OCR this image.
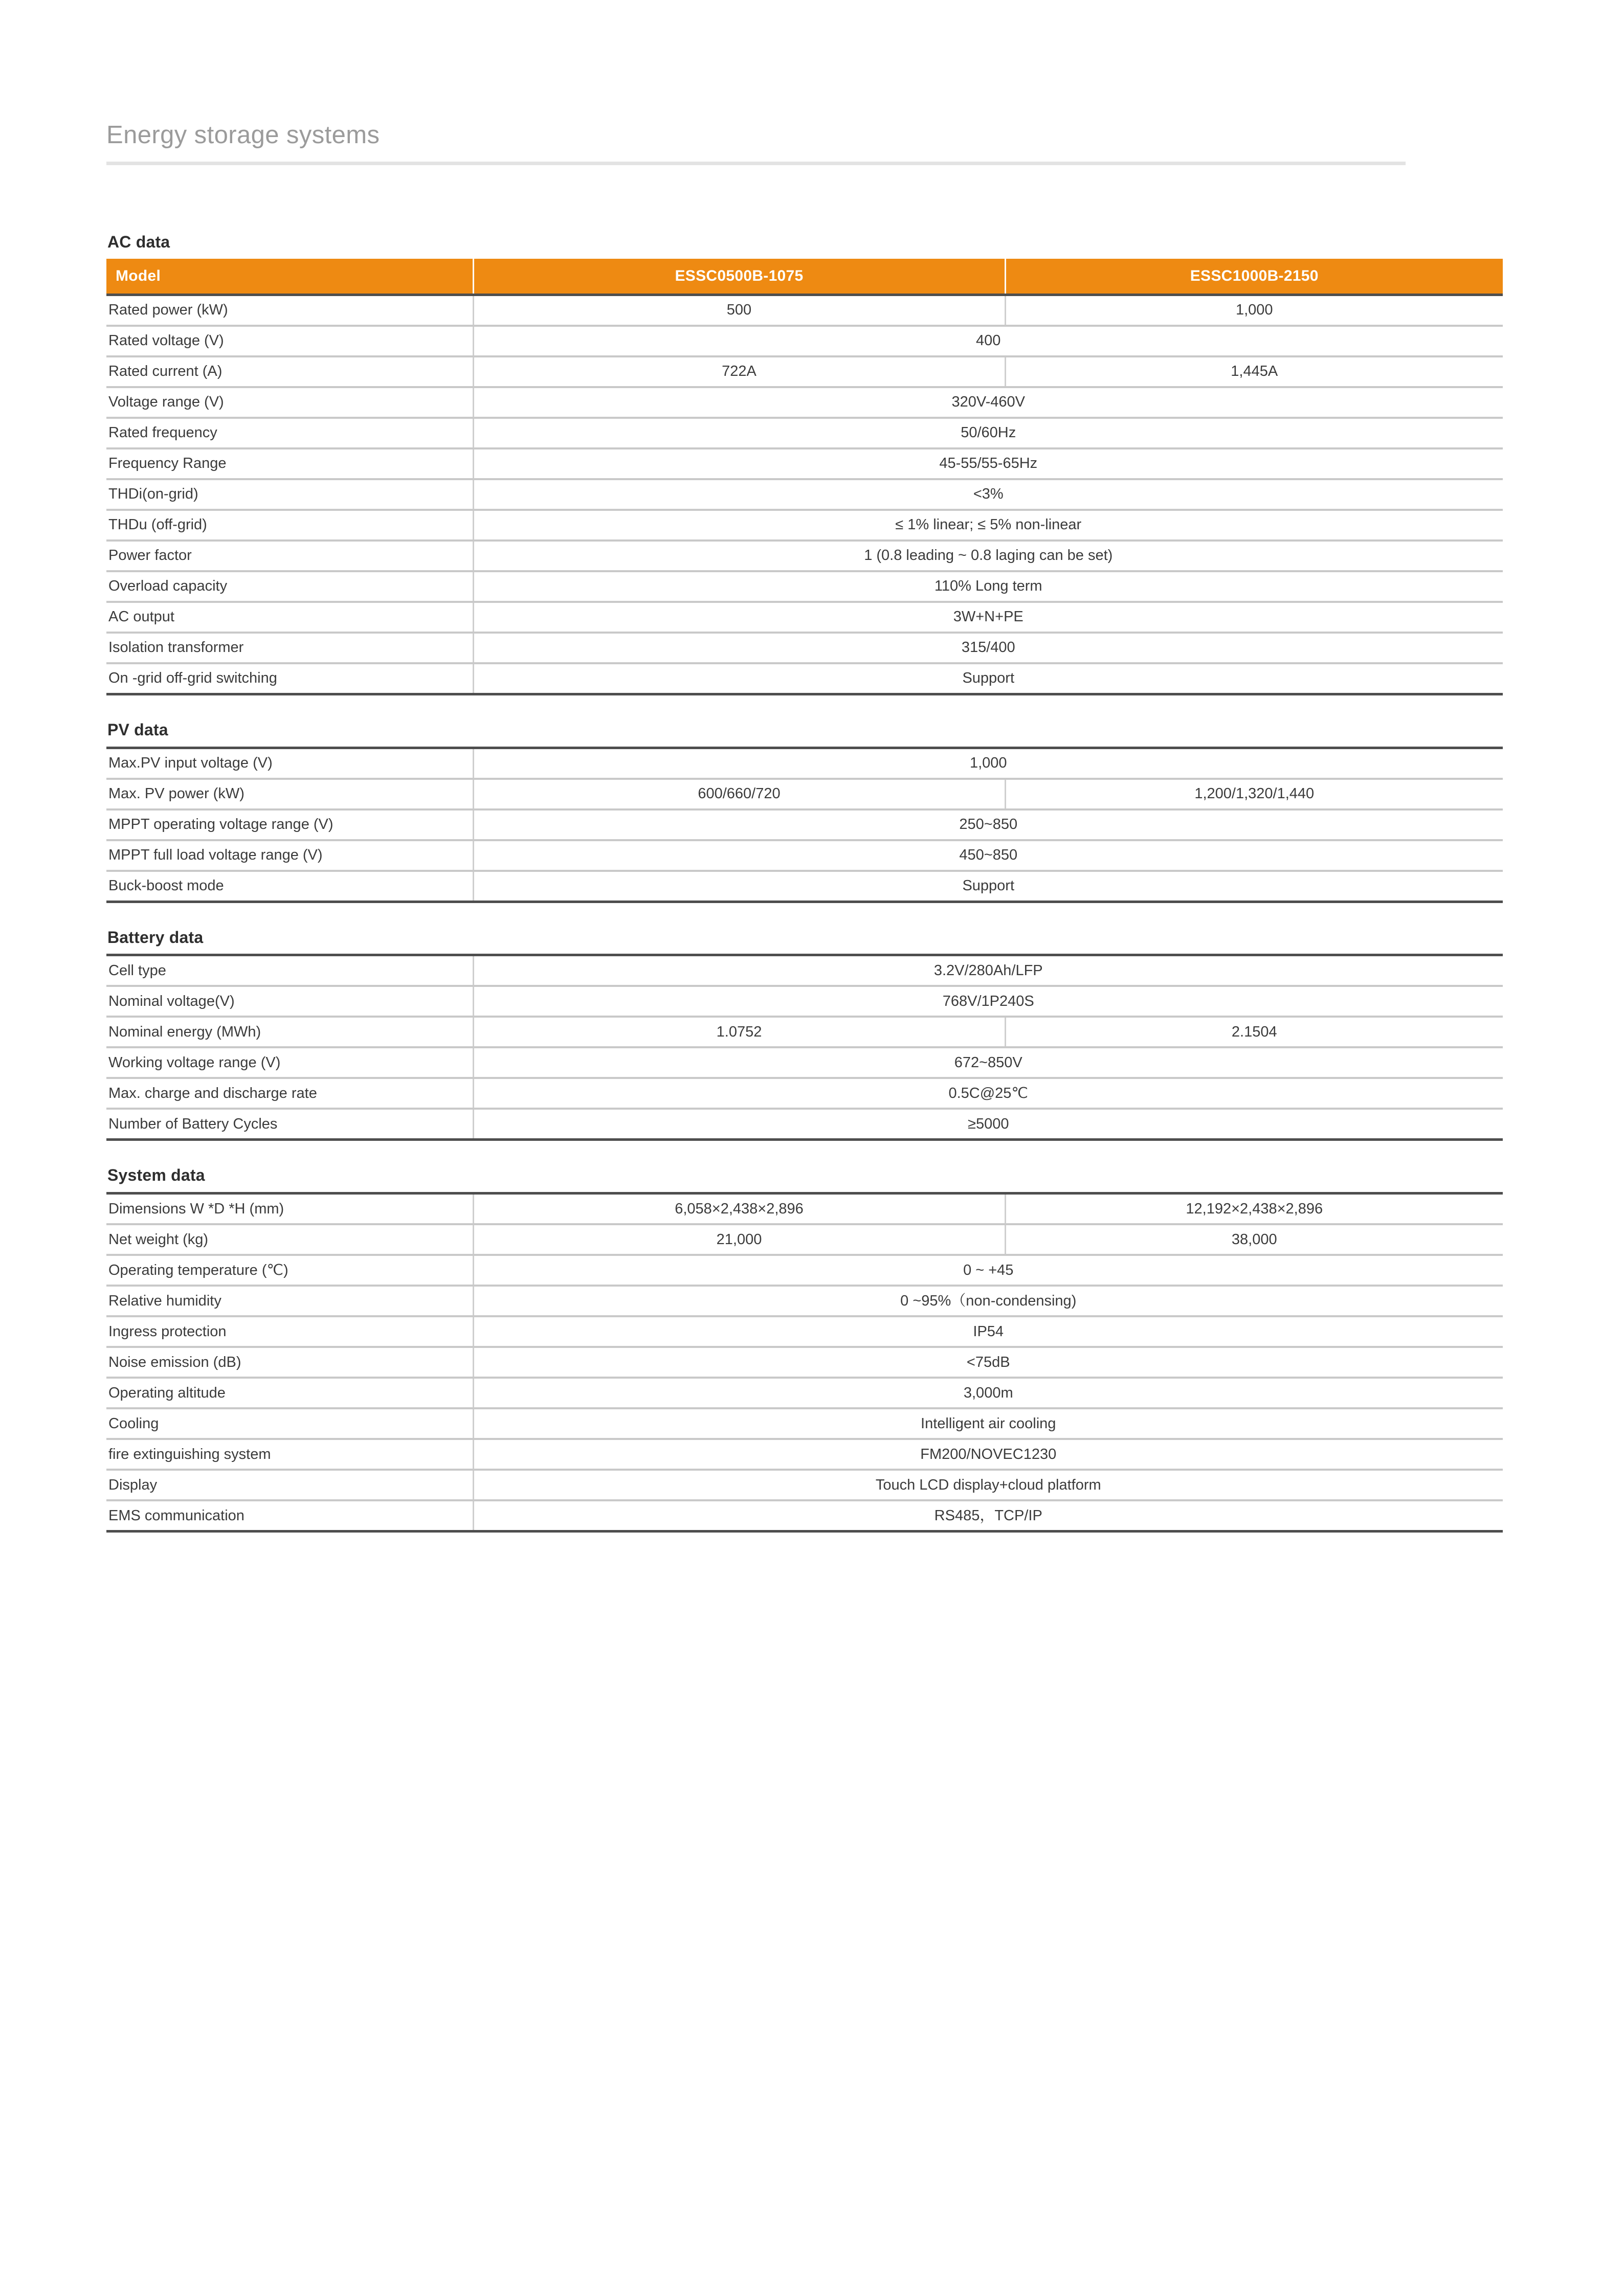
Energy storage systems
AC data
Model	ESSC0500B-1075	ESSC1000B-2150
Rated power (kW)	500	1,000
Rated voltage (V)	400	
Rated current (A)	722A	1,445A
Voltage range (V)	320V-460V	
Rated frequency	50/60Hz	
Frequency Range	45-55/55-65Hz	
THDi(on-grid)	<3%	
THDu (off-grid)	≤ 1% linear; ≤ 5% non-linear	
Power factor	1 (0.8 leading ~ 0.8 laging can be set)	
Overload capacity	110% Long term	
AC output	3W+N+PE	
Isolation transformer	315/400	
On -grid off-grid switching	Support	
PV data

Max.PV input voltage (V)	1,000	
Max. PV power (kW)	600/660/720	1,200/1,320/1,440
MPPT operating voltage range (V)	250~850	
MPPT full load voltage range (V)	450~850	
Buck-boost mode	Support	
Battery data

Cell type	3.2V/280Ah/LFP	
Nominal voltage(V)	768V/1P240S	
Nominal energy (MWh)	1.0752	2.1504
Working voltage range (V)	672~850V	
Max. charge and discharge rate	0.5C@25℃	
Number of Battery Cycles	≥5000	
System data

Dimensions W *D *H (mm)	6,058×2,438×2,896	12,192×2,438×2,896
Net weight (kg)	21,000	38,000
Operating temperature (℃)	0 ~ +45	
Relative humidity	0 ~95%（non-condensing)	
Ingress protection	IP54	
Noise emission (dB)	<75dB	
Operating altitude	3,000m	
Cooling	Intelligent air cooling	
fire extinguishing system	FM200/NOVEC1230	
Display	Touch LCD display+cloud platform	
EMS communication	RS485，TCP/IP	
